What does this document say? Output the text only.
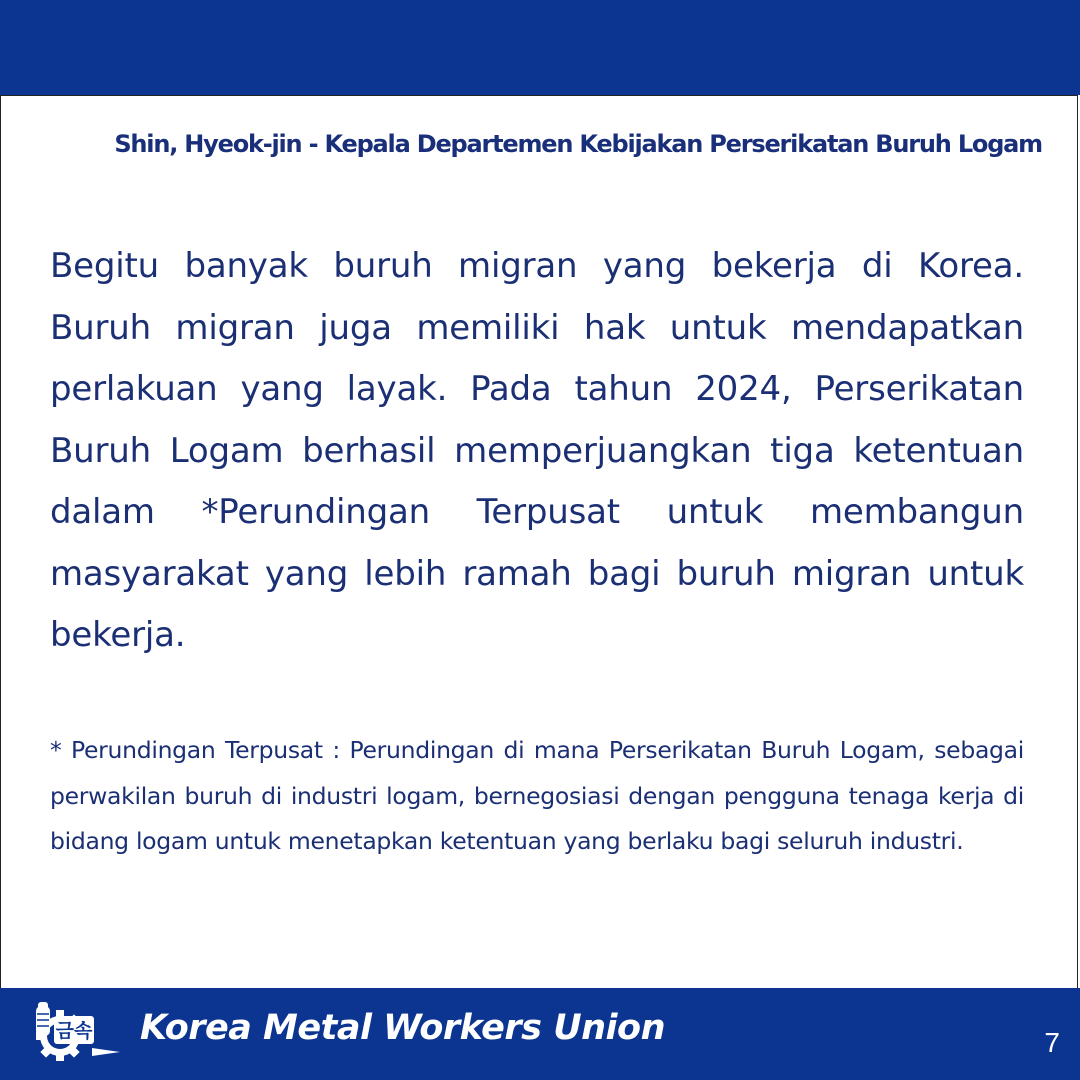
Shin, Hyeok-jin - Kepala Departemen Kebijakan Perserikatan Buruh Logam
Begitu banyak buruh migran yang bekerja di Korea. Buruh migran juga memiliki hak untuk mendapatkan perlakuan yang layak. Pada tahun 2024, Perserikatan Buruh Logam berhasil memperjuangkan tiga ketentuan dalam *Perundingan Terpusat untuk membangun masyarakat yang lebih ramah bagi buruh migran untuk bekerja.
* Perundingan Terpusat : Perundingan di mana Perserikatan Buruh Logam, sebagai perwakilan buruh di industri logam, bernegosiasi dengan pengguna tenaga kerja di bidang logam untuk menetapkan ketentuan yang berlaku bagi seluruh industri.
금속 Korea Metal Workers Union	7
